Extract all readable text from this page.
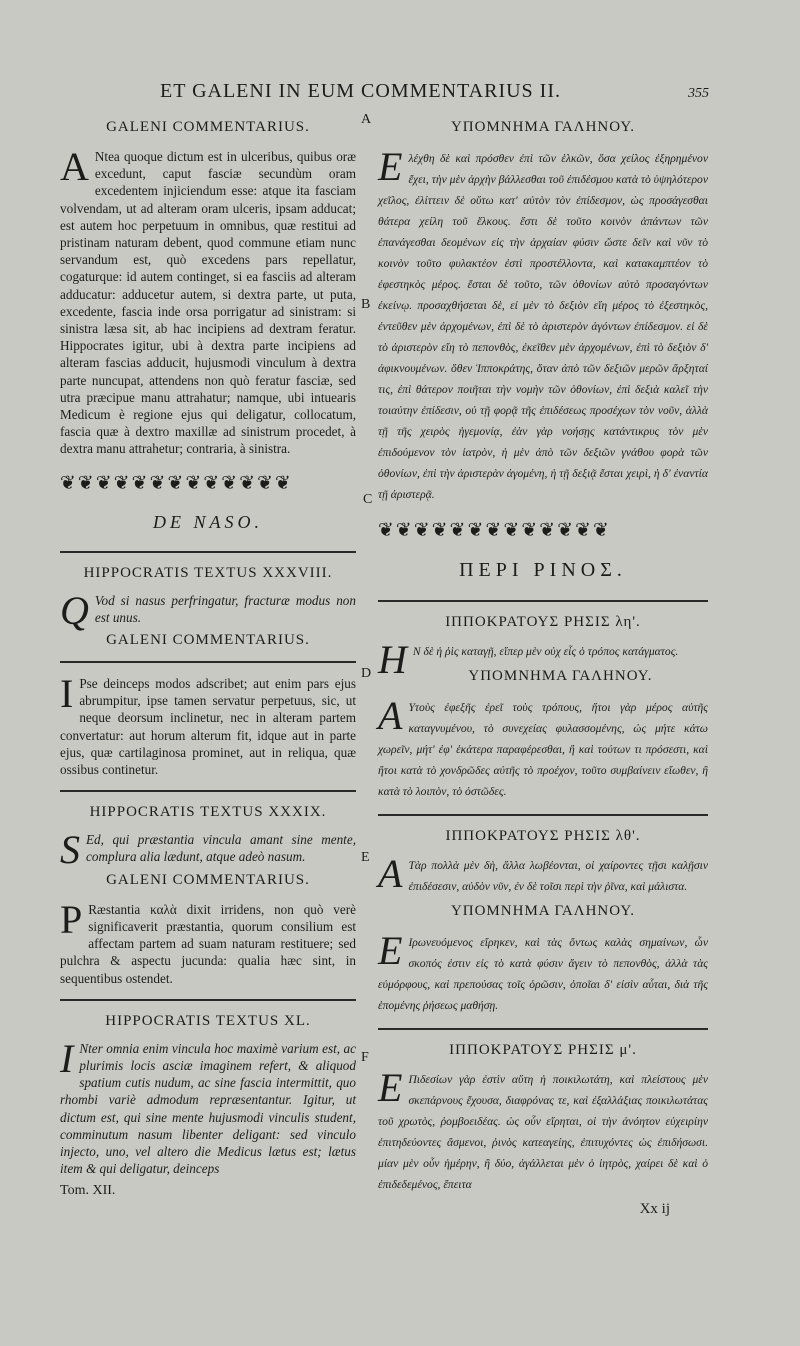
ET GALENI IN EUM COMMENTARIUS II.	355
A
B
C
D
E
F
GALENI COMMENTARIUS.

A Ntea quoque dictum est in ulceribus, quibus oræ excedunt, caput fasciæ secundùm oram excedentem injiciendum esse: atque ita fasciam volvendam, ut ad alteram oram ulceris, ipsam adducat; est autem hoc perpetuum in omnibus, quæ restitui ad pristinam naturam debent, quod commune etiam nunc servandum est, quò excedens pars repellatur, cogaturque: id autem continget, si ea fasciis ad alteram adducatur: adducetur autem, si dextra parte, ut puta, excedente, fascia inde orsa porrigatur ad sinistram: si sinistra læsa sit, ab hac incipiens ad dextram feratur. Hippocrates igitur, ubi à dextra parte incipiens ad alteram fascias adducit, hujusmodi vinculum à dextra parte nuncupat, attendens non quò feratur fasciæ, sed utra præcipue manu attrahatur; namque, ubi intuearis Medicum è regione ejus qui deligatur, collocatum, fascia quæ à dextro maxillæ ad sinistrum procedet, à dextra manu attrahetur; contraria, à sinistra.

❦❦❦❦❦❦❦❦❦❦❦❦❦
DE NASO.
HIPPOCRATIS TEXTUS XXXVIII.

Q Vod si nasus perfringatur, fracturæ modus non est unus.

GALENI COMMENTARIUS.

I Pse deinceps modos adscribet; aut enim pars ejus abrumpitur, ipse tamen servatur perpetuus, sic, ut neque deorsum inclinetur, nec in alteram partem convertatur: aut horum alterum fit, idque aut in parte ejus, quæ cartilaginosa prominet, aut in reliqua, quæ ossibus continetur.

HIPPOCRATIS TEXTUS XXXIX.

S Ed, qui præstantia vincula amant sine mente, complura alia lædunt, atque adeò nasum.

GALENI COMMENTARIUS.

P Ræstantia καλὰ dixit irridens, non quò verè significaverit præstantia, quorum consilium est affectam partem ad suam naturam restituere; sed pulchra & aspectu jucunda: qualia hæc sint, in sequentibus ostendet.

HIPPOCRATIS TEXTUS XL.

I Nter omnia enim vincula hoc maximè varium est, ac plurimis locis asciæ imaginem refert, & aliquod spatium cutis nudum, ac sine fascia intermittit, quo rhombi variè admodum repræsentantur. Igitur, ut dictum est, qui sine mente hujusmodi vinculis student, comminutum nasum libenter deligant: sed vinculo injecto, uno, vel altero die Medicus lætus est; lætus item & qui deligatur, deinceps

Tom. XII.
ΥΠΟΜΝΗΜΑ ΓΑΛΗΝΟΥ.

Ελέχθη δὲ καὶ πρόσθεν ἐπὶ τῶν ἑλκῶν, ὅσα χείλος ἐξηρημένον ἔχει, τὴν μὲν ἀρχὴν βάλλεσθαι τοῦ ἐπιδέσμου κατὰ τὸ ὑψηλότερον χεῖλος, ἐλίττειν δὲ οὕτω κατ' αὐτὸν τὸν ἐπίδεσμον, ὡς προσάγεσθαι θάτερα χείλη τοῦ ἕλκους. ἔστι δὲ τοῦτο κοινὸν ἁπάντων τῶν ἐπανάγεσθαι δεομένων εἰς τὴν ἀρχαίαν φύσιν ὥστε δεῖν καὶ νῦν τὸ κοινὸν τοῦτο φυλακτέον ἐστὶ προστέλλοντα, καὶ κατακαμπτέον τὸ ἐφεστηκὸς μέρος. ἔσται δὲ τοῦτο, τῶν ὀθονίων αὐτὸ προσαγόντων ἐκείνῳ. προσαχθήσεται δὲ, εἰ μὲν τὸ δεξιὸν εἴη μέρος τὸ ἐξεστηκὸς, ἐντεῦθεν μὲν ἀρχομένων, ἐπὶ δὲ τὸ ἀριστερὸν ἀγόντων ἐπίδεσμον. εἰ δὲ τὸ ἀριστερὸν εἴη τὸ πεπονθὸς, ἐκεῖθεν μὲν ἀρχομένων, ἐπὶ τὸ δεξιὸν δ' ἀφικνουμένων. ὅθεν Ἱπποκράτης, ὅταν ἀπὸ τῶν δεξιῶν μερῶν ἄρξηταί τις, ἐπὶ θάτερον ποιῆται τὴν νομὴν τῶν ὀθονίων, ἐπὶ δεξιὰ καλεῖ τὴν τοιαύτην ἐπίδεσιν, οὐ τῇ φορᾷ τῆς ἐπιδέσεως προσέχων τὸν νοῦν, ἀλλὰ τῇ τῆς χειρὸς ἡγεμονίᾳ, ἐὰν γὰρ νοήσῃς κατάντικρυς τὸν μὲν ἐπιδούμενον τὸν ἰατρὸν, ἡ μὲν ἀπὸ τῶν δεξιῶν γνάθου φορὰ τῶν ὀθονίων, ἐπὶ τὴν ἀριστερὰν ἀγομένη, ἡ τῇ δεξιᾷ ἔσται χειρὶ, ἡ δ' ἐναντία τῇ ἀριστερᾷ.

❦❦❦❦❦❦❦❦❦❦❦❦❦
ΠΕΡΙ ΡΙΝΟΣ.
ΙΠΠΟΚΡΑΤΟΥΣ ΡΗΣΙΣ λη'.

Η Ν δὲ ἡ ῥὶς καταγῇ, εἴπερ μὲν οὐχ εἷς ὁ τρόπος κατάγματος.

ΥΠΟΜΝΗΜΑ ΓΑΛΗΝΟΥ.

Α Υτοὺς ἐφεξῆς ἐρεῖ τοὺς τρόπους, ἤτοι γὰρ μέρος αὐτῆς καταγνυμένου, τὸ συνεχείας φυλασσομένης, ὡς μήτε κάτω χωρεῖν, μήτ' ἐφ' ἑκάτερα παραφέρεσθαι, ἢ καὶ τούτων τι πρόσεστι, καὶ ἤτοι κατὰ τὸ χονδρῶδες αὐτῆς τὸ προέχον, τοῦτο συμβαίνειν εἴωθεν, ἢ κατὰ τὸ λοιπὸν, τὸ ὀστῶδες.

ΙΠΠΟΚΡΑΤΟΥΣ ΡΗΣΙΣ λθ'.

Α Τὰρ πολλὰ μὲν δὴ, ἄλλα λωβέονται, οἱ χαίροντες τῇσι καλῇσιν ἐπιδέσεσιν, αὐδὸν νῦν, ἐν δὲ τοῖσι περὶ τὴν ῥῖνα, καὶ μάλιστα.

ΥΠΟΜΝΗΜΑ ΓΑΛΗΝΟΥ.

Ε Ιρωνευόμενος εἴρηκεν, καὶ τὰς ὄντως καλὰς σημαίνων, ὧν σκοπός ἐστιν εἰς τὸ κατὰ φύσιν ἄγειν τὸ πεπονθὸς, ἀλλὰ τὰς εὐμόρφους, καὶ πρεπούσας τοῖς ὁρῶσιν, ὁποῖαι δ' εἰσὶν αὗται, διὰ τῆς ἑπομένης ῥήσεως μαθήσῃ.

ΙΠΠΟΚΡΑΤΟΥΣ ΡΗΣΙΣ μ'.

Ε Πιδεσίων γὰρ ἐστὶν αὕτη ἡ ποικιλωτάτη, καὶ πλείστους μὲν σκεπάρνους ἔχουσα, διαφρόνας τε, καὶ ἐξαλλάξιας ποικιλωτάτας τοῦ χρωτὸς, ῥομβοειδέας. ὡς οὖν εἴρηται, οἱ τὴν ἀνόητον εὐχειρίην ἐπιτηδεύοντες ἄσμενοι, ῥινὸς κατεαγείης, ἐπιτυχόντες ὡς ἐπιδήσωσι. μίαν μὲν οὖν ἡμέρην, ἢ δύο, ἀγάλλεται μὲν ὁ ἰητρὸς, χαίρει δὲ καὶ ὁ ἐπιδεδεμένος, ἔπειτα

Xx ij
